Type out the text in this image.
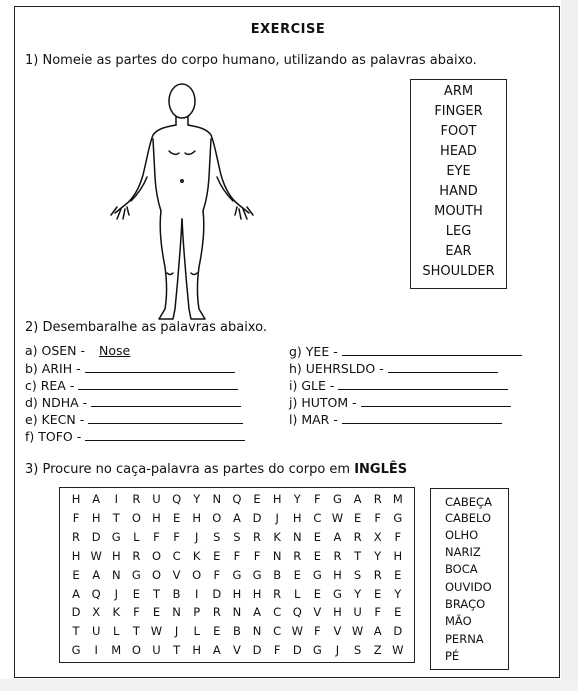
EXERCISE
1) Nomeie as partes do corpo humano, utilizando as palavras abaixo.
ARM
FINGER
FOOT
HEAD
EYE
HAND
MOUTH
LEG
EAR
SHOULDER
2) Desembaralhe as palavras abaixo.
a) OSEN - Nose
b) ARIH -
c) REA -
d) NDHA -
e) KECN -
f) TOFO -
g) YEE -
h) UEHRSLDO -
i) GLE -
j) HUTOM -
l) MAR -
3) Procure no caça-palavra as partes do corpo em INGLÊS
H	A	I	R	U Q	Y	N Q	E	H	Y	F	G	A	R M
F	H	T	O H	E	H O	A	D	J	H	C W E	F	G
R	D G	L	F	F	J	S	S	R	K	N	E	A	R	X	F
H W H	R	O	C	K	E	F	F	N	R	E	R	T	Y	H
E	A	N G O	V	O	F	G G	B	E	G H	S	R	E
A	Q	J	E	T	B	I	D H H	R	L	E	G	Y	E	Y
D	X	K	F	E	N	P	R	N	A	C	Q	V	H	U	F	E
T	U	L	T W	J	L	E	B	N	C W F	V W A	D
G	I	M O U	T	H	A	V	D	F	D G	J	S	Z W
CABEÇA
CABELO
OLHO
NARIZ
BOCA
OUVIDO
BRAÇO
MÃO
PERNA
PÉ
